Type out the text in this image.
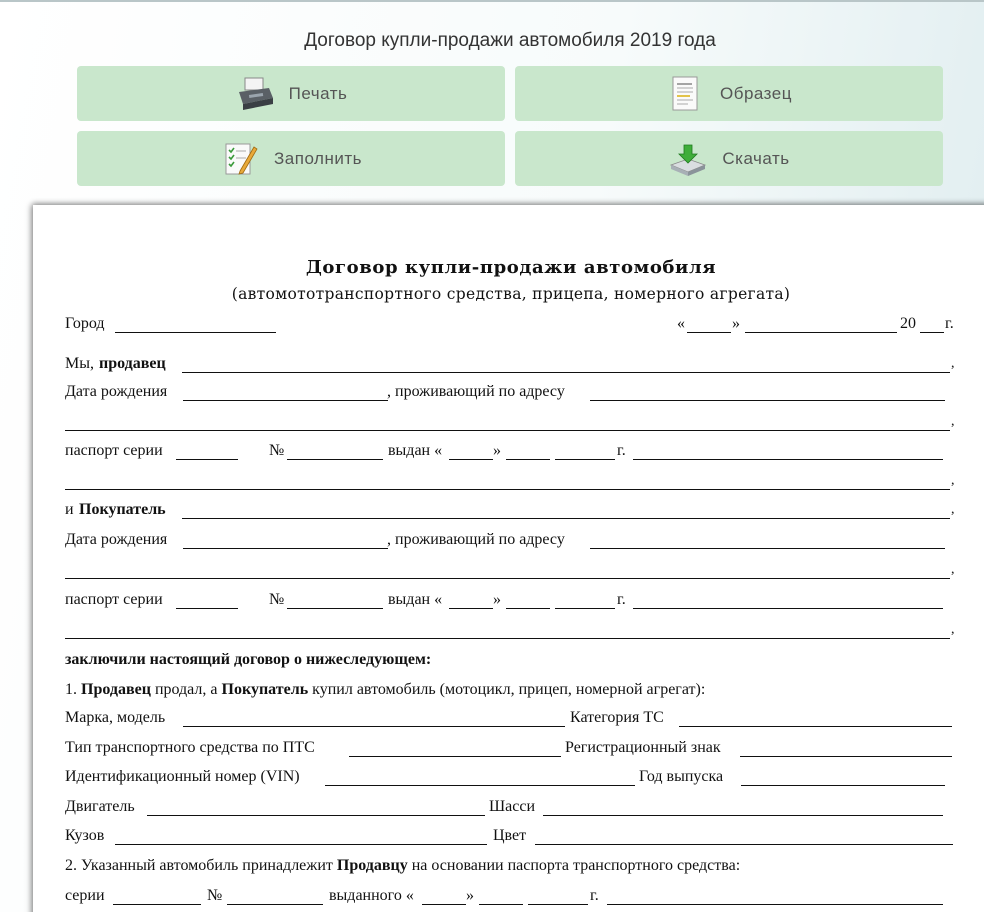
Договор купли-продажи автомобиля 2019 года
Печать	Образец
Заполнить	Скачать
Договор купли-продажи автомобиля
(автомототранспортного средства, прицепа, номерного агрегата)
Город	«	»	20 г.
Мы, продавец	,
Дата рождения	, проживающий по адресу
,
паспорт серии	№	выдан «	»	г.
,
и Покупатель	,
Дата рождения	, проживающий по адресу
,
паспорт серии	№	выдан «	»	г.
,
заключили настоящий договор о нижеследующем:
1. Продавец продал, а Покупатель купил автомобиль (мотоцикл, прицеп, номерной агрегат):
Марка, модель	Категория ТС
Тип транспортного средства по ПТС	Регистрационный знак
Идентификационный номер (VIN)	Год выпуска
Двигатель	Шасси
Кузов	Цвет
2. Указанный автомобиль принадлежит Продавцу на основании паспорта транспортного средства:
серии	№	выданного «	»	г.
